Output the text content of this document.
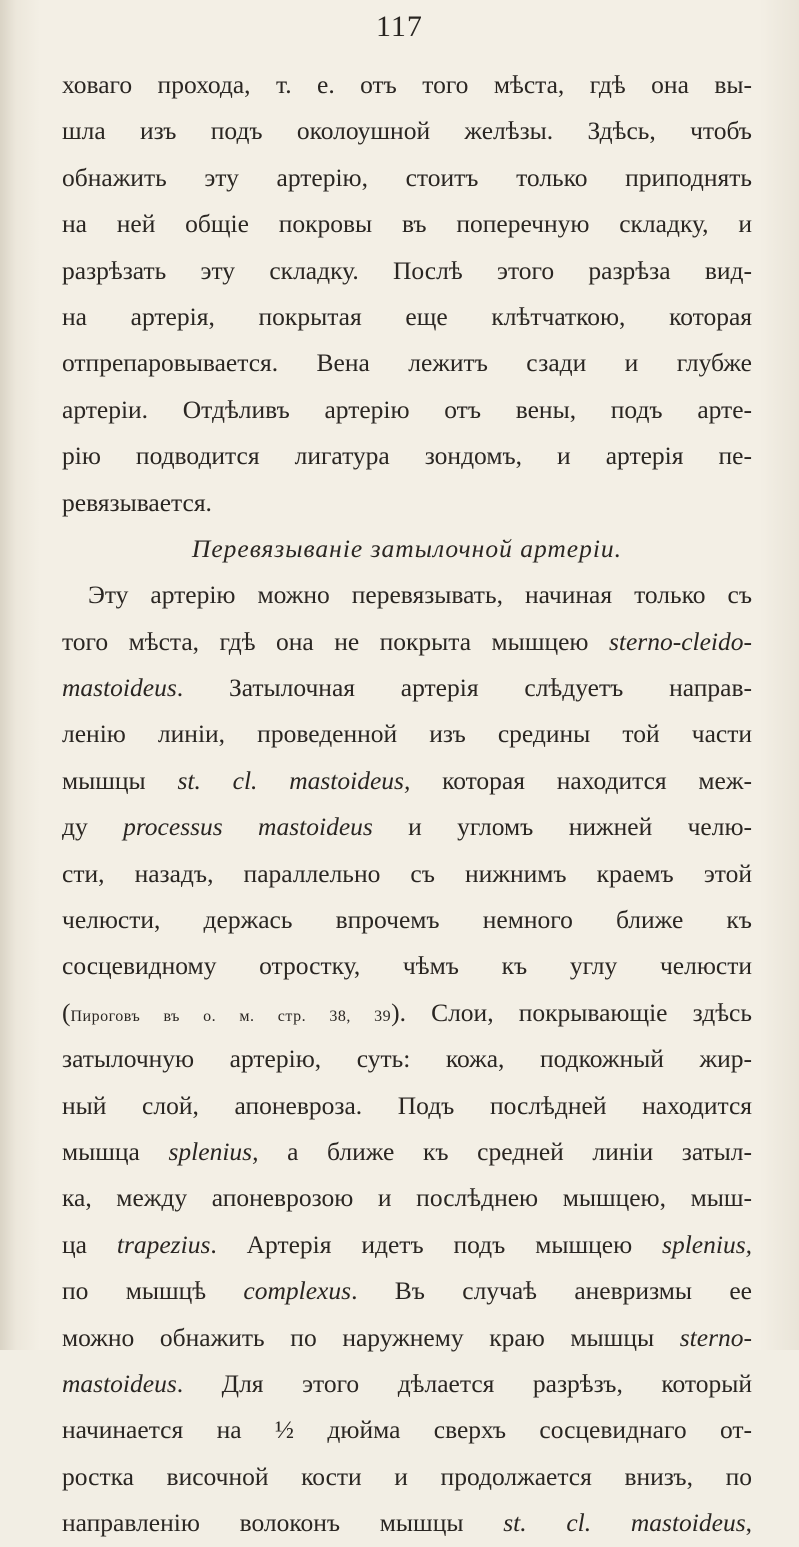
117
ховаго прохода, т. е. отъ того мѣста, гдѣ она вы-
шла изъ подъ околоушной желѣзы. Здѣсь, чтобъ
обнажить эту артерію, стоитъ только приподнять
на ней общіе покровы въ поперечную складку, и
разрѣзать эту складку. Послѣ этого разрѣза вид-
на артерія, покрытая еще клѣтчаткою, которая
отпрепаровывается. Вена лежитъ сзади и глубже
артеріи. Отдѣливъ артерію отъ вены, подъ арте-
рію подводится лигатура зондомъ, и артерія пе-
ревязывается.
Перевязываніе затылочной артеріи.
Эту артерію можно перевязывать, начиная только съ
того мѣста, гдѣ она не покрыта мышцею sterno-cleido-
mastoideus. Затылочная артерія слѣдуетъ направ-
ленію линіи, проведенной изъ средины той части
мышцы st. cl. mastoideus, которая находится меж-
ду processus mastoideus и угломъ нижней челю-
сти, назадъ, параллельно съ нижнимъ краемъ этой
челюсти, держась впрочемъ немного ближе къ
сосцевидному отростку, чѣмъ къ углу челюсти
(Пироговъ въ о. м. стр. 38, 39). Слои, покрывающіе здѣсь
затылочную артерію, суть: кожа, подкожный жир-
ный слой, апоневроза. Подъ послѣдней находится
мышца splenius, а ближе къ средней линіи затыл-
ка, между апоневрозою и послѣднею мышцею, мыш-
ца trapezius. Артерія идетъ подъ мышцею splenius,
по мышцѣ complexus. Въ случаѣ аневризмы ее
можно обнажить по наружнему краю мышцы sterno-
mastoideus. Для этого дѣлается разрѣзъ, который
начинается на ½ дюйма сверхъ сосцевиднаго от-
ростка височной кости и продолжается внизъ, по
направленію волоконъ мышцы st. cl. mastoideus,
